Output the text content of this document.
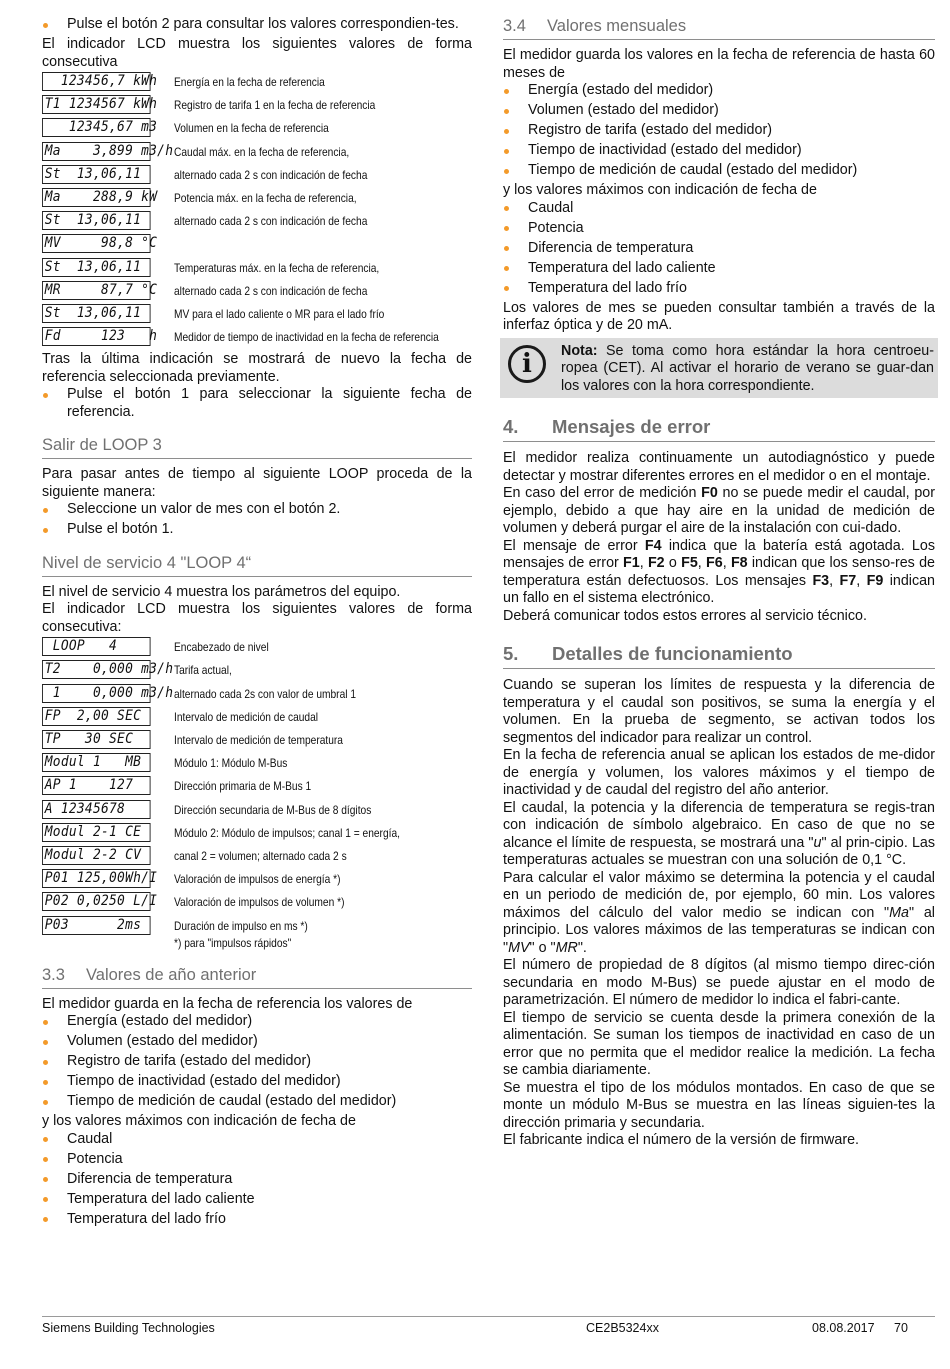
Pulse el botón 2 para consultar los valores correspondien-tes.

El indicador LCD muestra los siguientes valores de forma consecutiva

123456,7 kWh Energía en la fecha de referencia
T1 1234567 kWh Registro de tarifa 1 en la fecha de referencia
12345,67 m3 Volumen en la fecha de referencia
Ma    3,899 m3/h Caudal máx. en la fecha de referencia,
St  13,06,11	alternado cada 2 s con indicación de fecha
Ma    288,9 kW Potencia máx. en la fecha de referencia,
St  13,06,11	alternado cada 2 s con indicación de fecha
MV     98,8 °C
St  13,06,11	Temperaturas máx. en la fecha de referencia,
MR     87,7 °C alternado cada 2 s con indicación de fecha
St  13,06,11	MV para el lado caliente o MR para el lado frío
Fd     123   h Medidor de tiempo de inactividad en la fecha de referencia

Tras la última indicación se mostrará de nuevo la fecha de referencia seleccionada previamente.

Pulse el botón 1 para seleccionar la siguiente fecha de referencia.

Salir de LOOP 3

Para pasar antes de tiempo al siguiente LOOP proceda de la siguiente manera:

Seleccione un valor de mes con el botón 2.

Pulse el botón 1.

Nivel de servicio 4 "LOOP 4“

El nivel de servicio 4 muestra los parámetros del equipo.

El indicador LCD muestra los siguientes valores de forma consecutiva:

LOOP   4	Encabezado de nivel
T2    0,000 m3/h Tarifa actual,
1    0,000 m3/h alternado cada 2s con valor de umbral 1
FP  2,00 SEC	Intervalo de medición de caudal
TP   30 SEC	Intervalo de medición de temperatura
Modul 1   MB	Módulo 1: Módulo M-Bus
AP 1    127	Dirección primaria de M-Bus 1
A 12345678	Dirección secundaria de M-Bus de 8 dígitos
Modul 2-1 CE	Módulo 2: Módulo de impulsos; canal 1 = energía,
Modul 2-2 CV	canal 2 = volumen; alternado cada 2 s
P01 125,00Wh/I Valoración de impulsos de energía *)
P02 0,0250 L/I Valoración de impulsos de volumen *)
P03      2ms	Duración de impulso en ms *)
*) para "impulsos rápidos"
3.3 Valores de año anterior

El medidor guarda en la fecha de referencia los valores de

Energía (estado del medidor)

Volumen (estado del medidor)

Registro de tarifa (estado del medidor)

Tiempo de inactividad (estado del medidor)

Tiempo de medición de caudal (estado del medidor)

y los valores máximos con indicación de fecha de

Caudal

Potencia

Diferencia de temperatura

Temperatura del lado caliente

Temperatura del lado frío

3.4 Valores mensuales

El medidor guarda los valores en la fecha de referencia de hasta 60 meses de

Energía (estado del medidor)

Volumen (estado del medidor)

Registro de tarifa (estado del medidor)

Tiempo de inactividad (estado del medidor)

Tiempo de medición de caudal (estado del medidor)

y los valores máximos con indicación de fecha de

Caudal

Potencia

Diferencia de temperatura

Temperatura del lado caliente

Temperatura del lado frío

Los valores de mes se pueden consultar también a través de la inferfaz óptica y de 20 mA.

i	Nota: Se toma como hora estándar la hora centroeu-ropea (CET). Al activar el horario de verano se guar-dan los valores con la hora correspondiente.
4. Mensajes de error

El medidor realiza continuamente un autodiagnóstico y puede detectar y mostrar diferentes errores en el medidor o en el montaje.

En caso del error de medición F0 no se puede medir el caudal, por ejemplo, debido a que hay aire en la unidad de medición de volumen y deberá purgar el aire de la instalación con cui-dado.

El mensaje de error F4 indica que la batería está agotada. Los mensajes de error F1, F2 o F5, F6, F8 indican que los senso-res de temperatura están defectuosos. Los mensajes F3, F7, F9 indican un fallo en el sistema electrónico.

Deberá comunicar todos estos errores al servicio técnico.

5. Detalles de funcionamiento

Cuando se superan los límites de respuesta y la diferencia de temperatura y el caudal son positivos, se suma la energía y el volumen. En la prueba de segmento, se activan todos los segmentos del indicador para realizar un control.

En la fecha de referencia anual se aplican los estados de me-didor de energía y volumen, los valores máximos y el tiempo de inactividad y de caudal del registro del año anterior.

El caudal, la potencia y la diferencia de temperatura se regis-tran con indicación de símbolo algebraico. En caso de que no se alcance el límite de respuesta, se mostrará una "u" al prin-cipio. Las temperaturas actuales se muestran con una solución de 0,1 °C.

Para calcular el valor máximo se determina la potencia y el caudal en un periodo de medición de, por ejemplo, 60 min. Los valores máximos del cálculo del valor medio se indican con "Ma" al principio. Los valores máximos de las temperaturas se indican con "MV" o "MR".

El número de propiedad de 8 dígitos (al mismo tiempo direc-ción secundaria en modo M-Bus) se puede ajustar en el modo de parametrización. El número de medidor lo indica el fabri-cante.

El tiempo de servicio se cuenta desde la primera conexión de la alimentación. Se suman los tiempos de inactividad en caso de un error que no permita que el medidor realice la medición. La fecha se cambia diariamente.

Se muestra el tipo de los módulos montados. En caso de que se monte un módulo M-Bus se muestra en las líneas siguien-tes la dirección primaria y secundaria.

El fabricante indica el número de la versión de firmware.

Siemens Building Technologies	CE2B5324xx	08.08.2017 70
